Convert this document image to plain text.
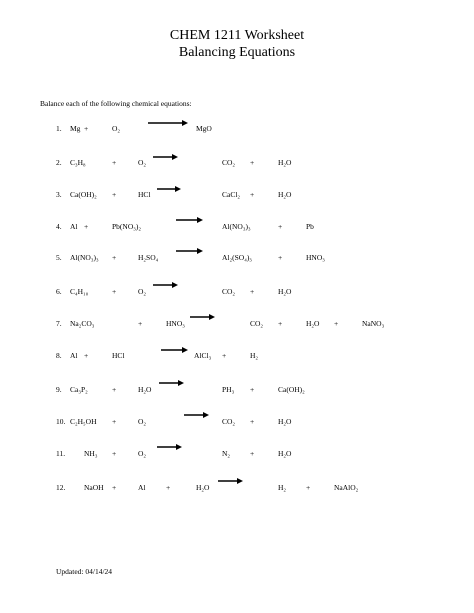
CHEM 1211 Worksheet
Balancing Equations
Balance each of the following chemical equations:
1. Mg +	O₂	MgO
2. C₃H₈	+	O₂	CO₂ +	H₂O
3. Ca(OH)₂ +	HCl	CaCl₂ +	H₂O
4. Al +	Pb(NO₃)₂	Al(NO₃)₃	+	Pb
5. Al(NO₃)₃ +	H₂SO₄	Al₂(SO₄)₃	+	HNO₃
6. C₄H₁₀	+	O₂	CO₂ +	H₂O
7. Na₂CO₃	+	HNO₃	CO₂ +	H₂O +	NaNO₃
8. Al +	HCl	AlCl₃ +	H₂
9. Ca₃P₂	+	H₂O	PH₃ +	Ca(OH)₂
10. C₂H₅OH +	O₂	CO₂ +	H₂O
11.	NH₃ +	O₂	N₂	+	H₂O
12. NaOH +	Al	+	H₂O	H₂	+	NaAlO₂
Updated: 04/14/24
